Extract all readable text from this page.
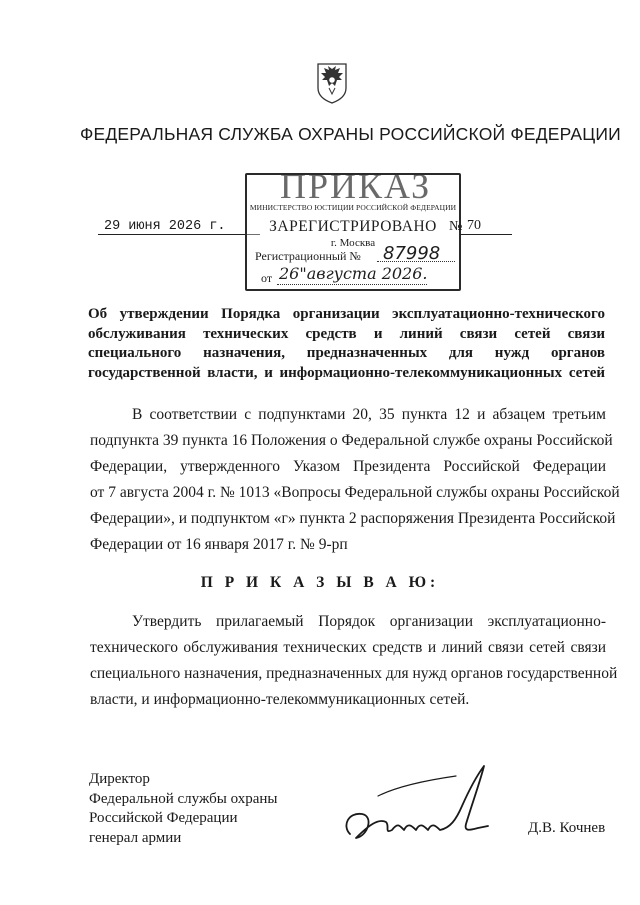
ФЕДЕРАЛЬНАЯ СЛУЖБА ОХРАНЫ РОССИЙСКОЙ ФЕДЕРАЦИИ
ПРИКАЗ
29 июня 2026 г.
МИНИСТЕРСТВО ЮСТИЦИИ РОССИЙСКОЙ ФЕДЕРАЦИИ
ЗАРЕГИСТРИРОВАНО
г. Москва
Регистрационный № 87998
от 26"августа 2026.
№ 70
Об утверждении Порядка организации эксплуатационно-технического
обслуживания технических средств и линий связи сетей связи
специального назначения, предназначенных для нужд органов
государственной власти, и информационно-телекоммуникационных сетей
В соответствии с подпунктами 20, 35 пункта 12 и абзацем третьим
подпункта 39 пункта 16 Положения о Федеральной службе охраны Российской
Федерации, утвержденного Указом Президента Российской Федерации
от 7 августа 2004 г. № 1013 «Вопросы Федеральной службы охраны Российской
Федерации», и подпунктом «г» пункта 2 распоряжения Президента Российской
Федерации от 16 января 2017 г. № 9-рп
П Р И К А З Ы В А Ю:
Утвердить прилагаемый Порядок организации эксплуатационно-
технического обслуживания технических средств и линий связи сетей связи
специального назначения, предназначенных для нужд органов государственной
власти, и информационно-телекоммуникационных сетей.
Директор
Федеральной службы охраны
Российской Федерации
генерал армии
Д.В. Кочнев
